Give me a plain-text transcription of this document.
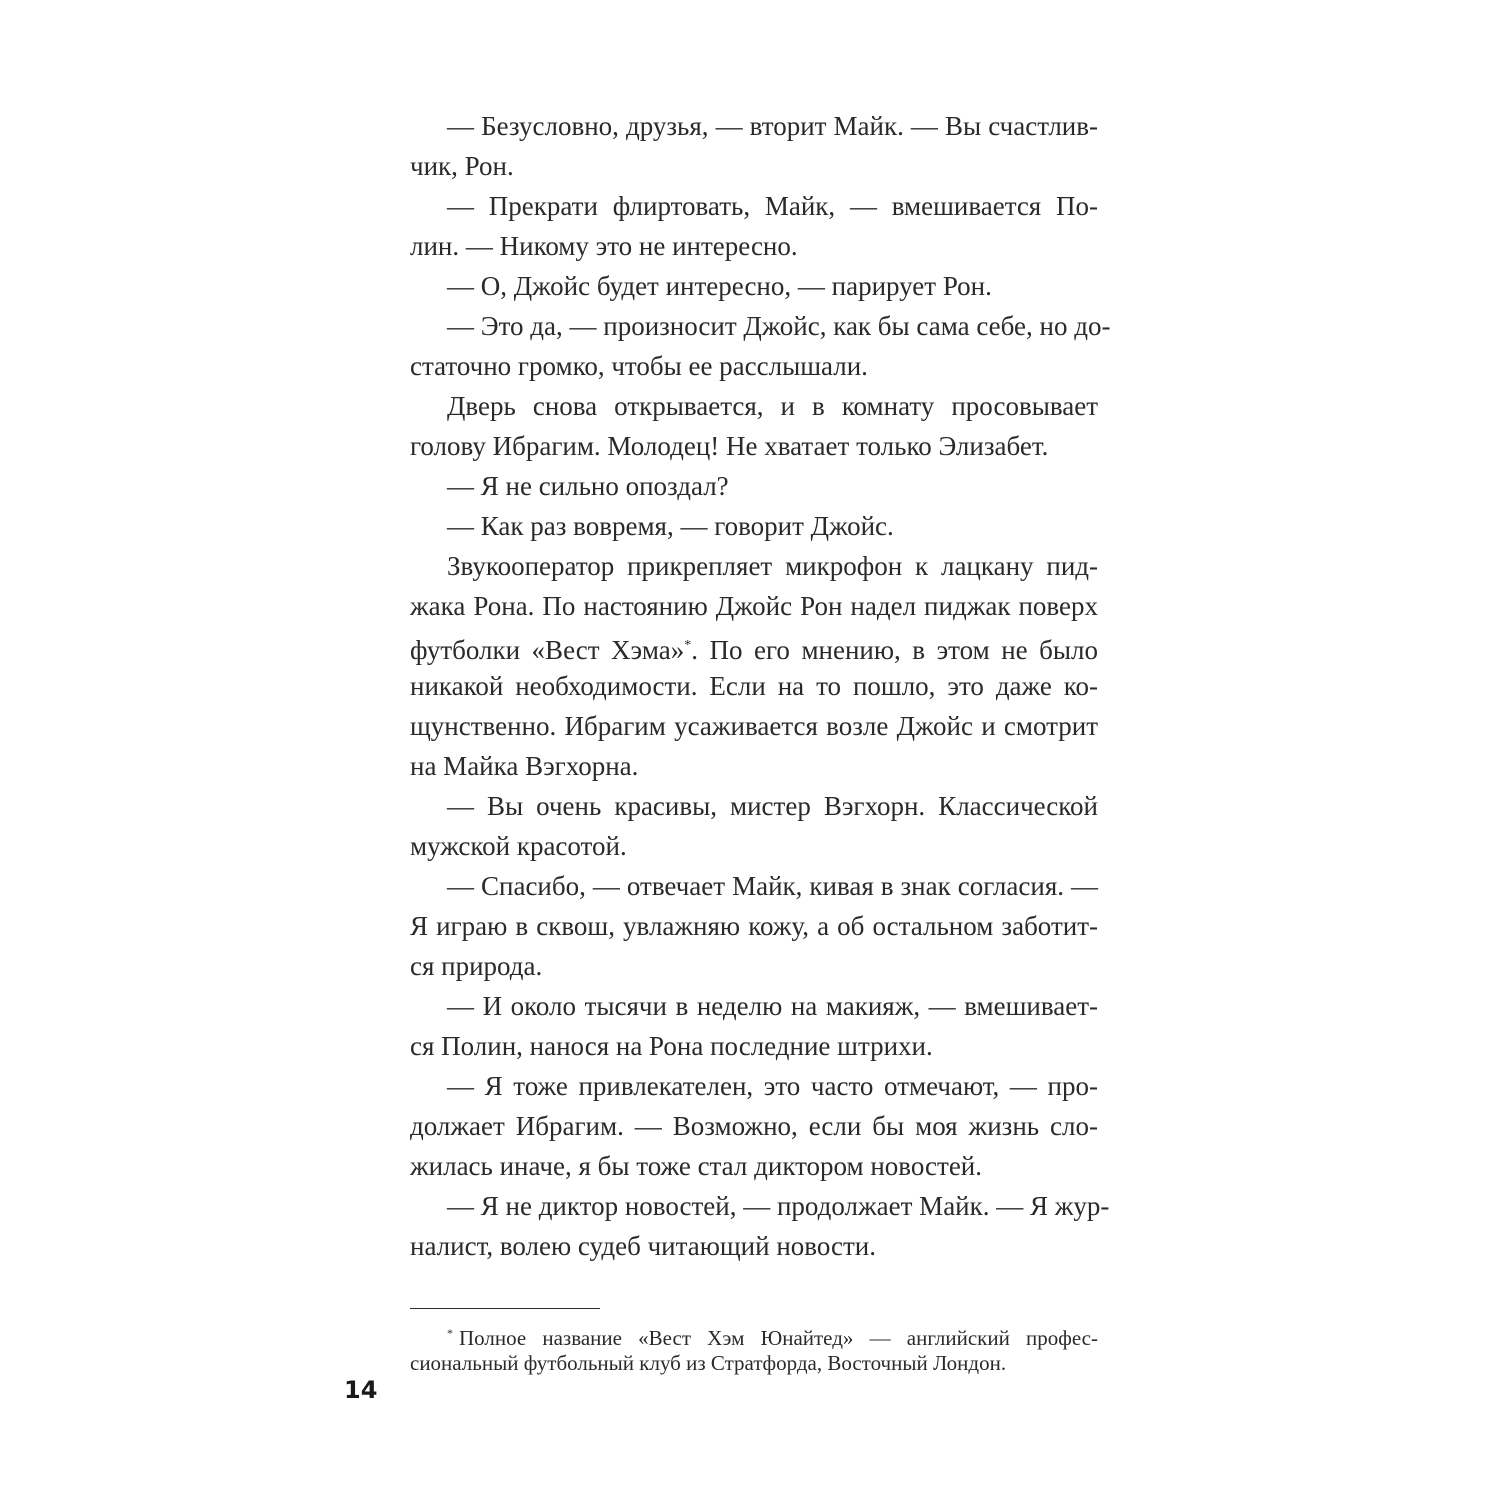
— Безусловно, друзья, — вторит Майк. — Вы счастлив-
чик, Рон.
— Прекрати флиртовать, Майк, — вмешивается По-
лин. — Никому это не интересно.
— О, Джойс будет интересно, — парирует Рон.
— Это да, — произносит Джойс, как бы сама себе, но до-
статочно громко, чтобы ее расслышали.
Дверь снова открывается, и в комнату просовывает
голову Ибрагим. Молодец! Не хватает только Элизабет.
— Я не сильно опоздал?
— Как раз вовремя, — говорит Джойс.
Звукооператор прикрепляет микрофон к лацкану пид-
жака Рона. По настоянию Джойс Рон надел пиджак поверх
футболки «Вест Хэма»*. По его мнению, в этом не было
никакой необходимости. Если на то пошло, это даже ко-
щунственно. Ибрагим усаживается возле Джойс и смотрит
на Майка Вэгхорна.
— Вы очень красивы, мистер Вэгхорн. Классической
мужской красотой.
— Спасибо, — отвечает Майк, кивая в знак согласия. —
Я играю в сквош, увлажняю кожу, а об остальном заботит-
ся природа.
— И около тысячи в неделю на макияж, — вмешивает-
ся Полин, нанося на Рона последние штрихи.
— Я тоже привлекателен, это часто отмечают, — про-
должает Ибрагим. — Возможно, если бы моя жизнь сло-
жилась иначе, я бы тоже стал диктором новостей.
— Я не диктор новостей, — продолжает Майк. — Я жур-
налист, волею судеб читающий новости.
* Полное название «Вест Хэм Юнайтед» — английский профес-
сиональный футбольный клуб из Стратфорда, Восточный Лондон.
14
